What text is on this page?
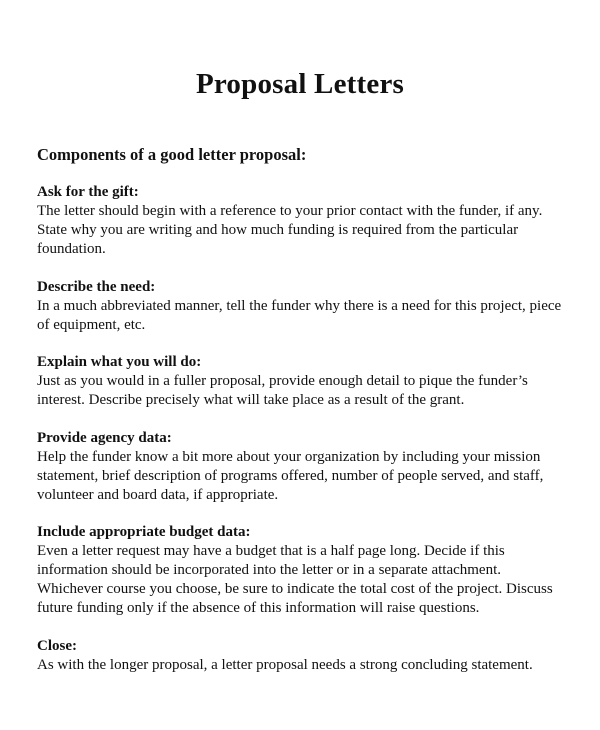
Proposal Letters
Components of a good letter proposal:

Ask for the gift:

The letter should begin with a reference to your prior contact with the funder, if any.

State why you are writing and how much funding is required from the particular

foundation.

Describe the need:

In a much abbreviated manner, tell the funder why there is a need for this project, piece

of equipment, etc.

Explain what you will do:

Just as you would in a fuller proposal, provide enough detail to pique the funder’s

interest. Describe precisely what will take place as a result of the grant.

Provide agency data:

Help the funder know a bit more about your organization by including your mission

statement, brief description of programs offered, number of people served, and staff,

volunteer and board data, if appropriate.

Include appropriate budget data:

Even a letter request may have a budget that is a half page long. Decide if this

information should be incorporated into the letter or in a separate attachment.

Whichever course you choose, be sure to indicate the total cost of the project. Discuss

future funding only if the absence of this information will raise questions.

Close:

As with the longer proposal, a letter proposal needs a strong concluding statement.
